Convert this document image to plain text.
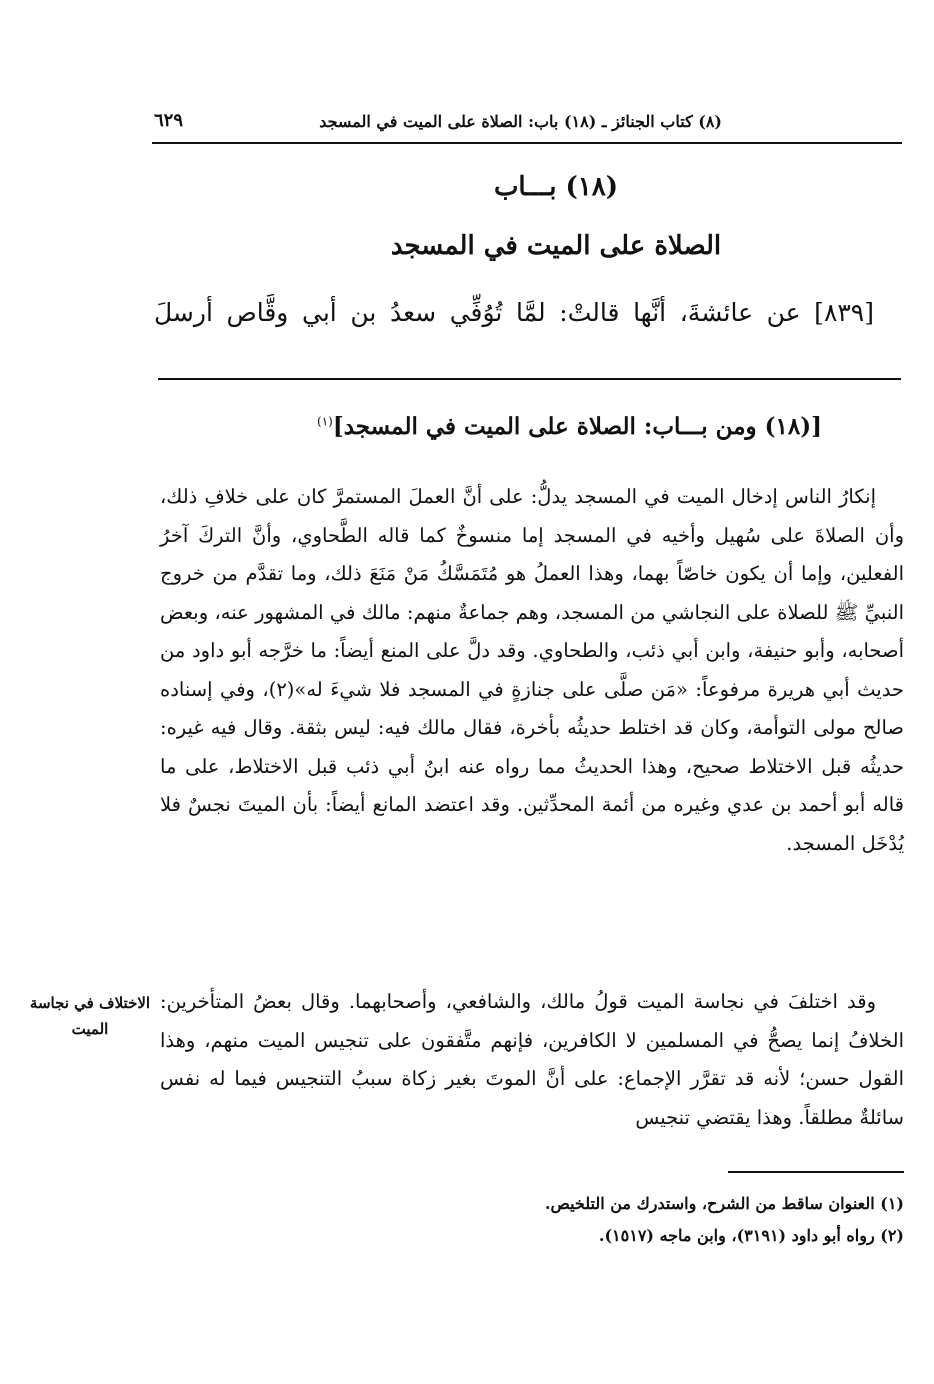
(٨) كتاب الجنائز ـ (١٨) باب: الصلاة على الميت في المسجد
٦٢٩
(١٨) بـــاب
الصلاة على الميت في المسجد
[٨٣٩] عن عائشةَ، أنَّها قالتْ: لمَّا تُوُفِّي سعدُ بن أبي وقَّاص أرسلَ
[(١٨) ومن بـــاب: الصلاة على الميت في المسجد]$^{(١)}$

إنكارُ الناس إدخال الميت في المسجد يدلُّ: على أنَّ العملَ المستمرَّ كان على خلافِ ذلك، وأن الصلاةَ على سُهيل وأخيه في المسجد إما منسوخٌ كما قاله الطَّحاوي، وأنَّ التركَ آخرُ الفعلين، وإما أن يكون خاصّاً بهما، وهذا العملُ هو مُتَمَسَّكُ مَنْ مَنَعَ ذلك، وما تقدَّم من خروج النبيِّ ﷺ للصلاة على النجاشي من المسجد، وهم جماعةٌ منهم: مالك في المشهور عنه، وبعض أصحابه، وأبو حنيفة، وابن أبي ذئب، والطحاوي. وقد دلَّ على المنع أيضاً: ما خرَّجه أبو داود من حديث أبي هريرة مرفوعاً: «مَن صلَّى على جنازةٍ في المسجد فلا شيءَ له»(٢)، وفي إسناده صالح مولى التوأمة، وكان قد اختلط حديثُه بأخرة، فقال مالك فيه: ليس بثقة. وقال فيه غيره: حديثُه قبل الاختلاط صحيح، وهذا الحديثُ مما رواه عنه ابنُ أبي ذئب قبل الاختلاط، على ما قاله أبو أحمد بن عدي وغيره من أئمة المحدِّثين. وقد اعتضد المانع أيضاً: بأن الميتَ نجسٌ فلا يُدْخَل المسجد.

وقد اختلفَ في نجاسة الميت قولُ مالك، والشافعي، وأصحابهما. وقال بعضُ المتأخرين: الخلافُ إنما يصحُّ في المسلمين لا الكافرين، فإنهم متَّفقون على تنجيس الميت منهم، وهذا القول حسن؛ لأنه قد تقرَّر الإجماع: على أنَّ الموتَ بغير زكاة سببُ التنجيس فيما له نفس سائلةٌ مطلقاً. وهذا يقتضي تنجيس

الاختلاف في نجاسة الميت

(١) العنوان ساقط من الشرح، واستدرك من التلخيص.

(٢) رواه أبو داود (٣١٩١)، وابن ماجه (١٥١٧).
